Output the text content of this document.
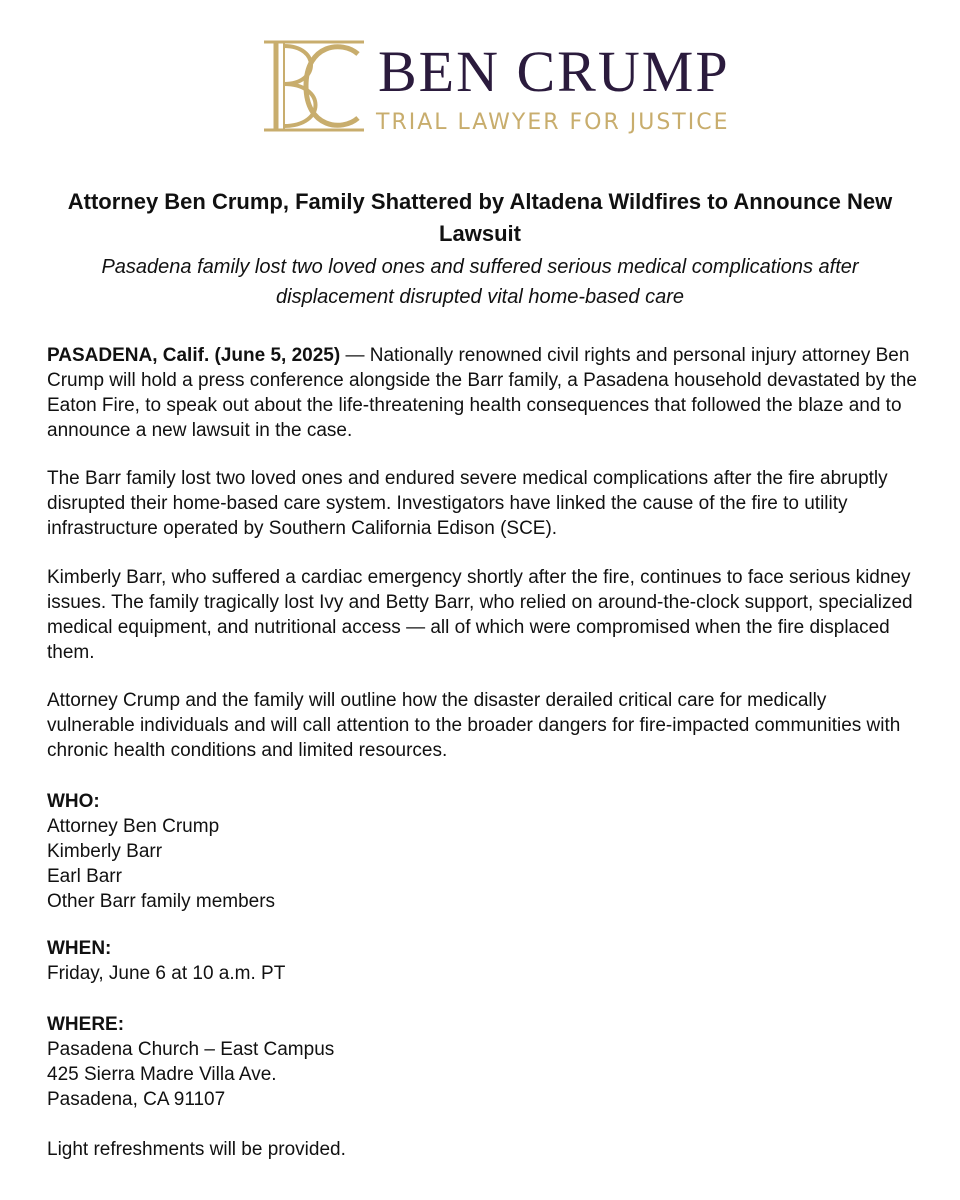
BEN CRUMP
TRIAL LAWYER FOR JUSTICE
Attorney Ben Crump, Family Shattered by Altadena Wildfires to Announce New Lawsuit

Pasadena family lost two loved ones and suffered serious medical complications after displacement disrupted vital home-based care

PASADENA, Calif. (June 5, 2025) — Nationally renowned civil rights and personal injury attorney Ben Crump will hold a press conference alongside the Barr family, a Pasadena household devastated by the Eaton Fire, to speak out about the life-threatening health consequences that followed the blaze and to announce a new lawsuit in the case.

The Barr family lost two loved ones and endured severe medical complications after the fire abruptly disrupted their home-based care system. Investigators have linked the cause of the fire to utility infrastructure operated by Southern California Edison (SCE).

Kimberly Barr, who suffered a cardiac emergency shortly after the fire, continues to face serious kidney issues. The family tragically lost Ivy and Betty Barr, who relied on around-the-clock support, specialized medical equipment, and nutritional access — all of which were compromised when the fire displaced them.

Attorney Crump and the family will outline how the disaster derailed critical care for medically vulnerable individuals and will call attention to the broader dangers for fire-impacted communities with chronic health conditions and limited resources.

WHO:
Attorney Ben Crump
Kimberly Barr
Earl Barr
Other Barr family members
WHEN:
Friday, June 6 at 10 a.m. PT
WHERE:
Pasadena Church – East Campus
425 Sierra Madre Villa Ave.
Pasadena, CA 91107
Light refreshments will be provided.
